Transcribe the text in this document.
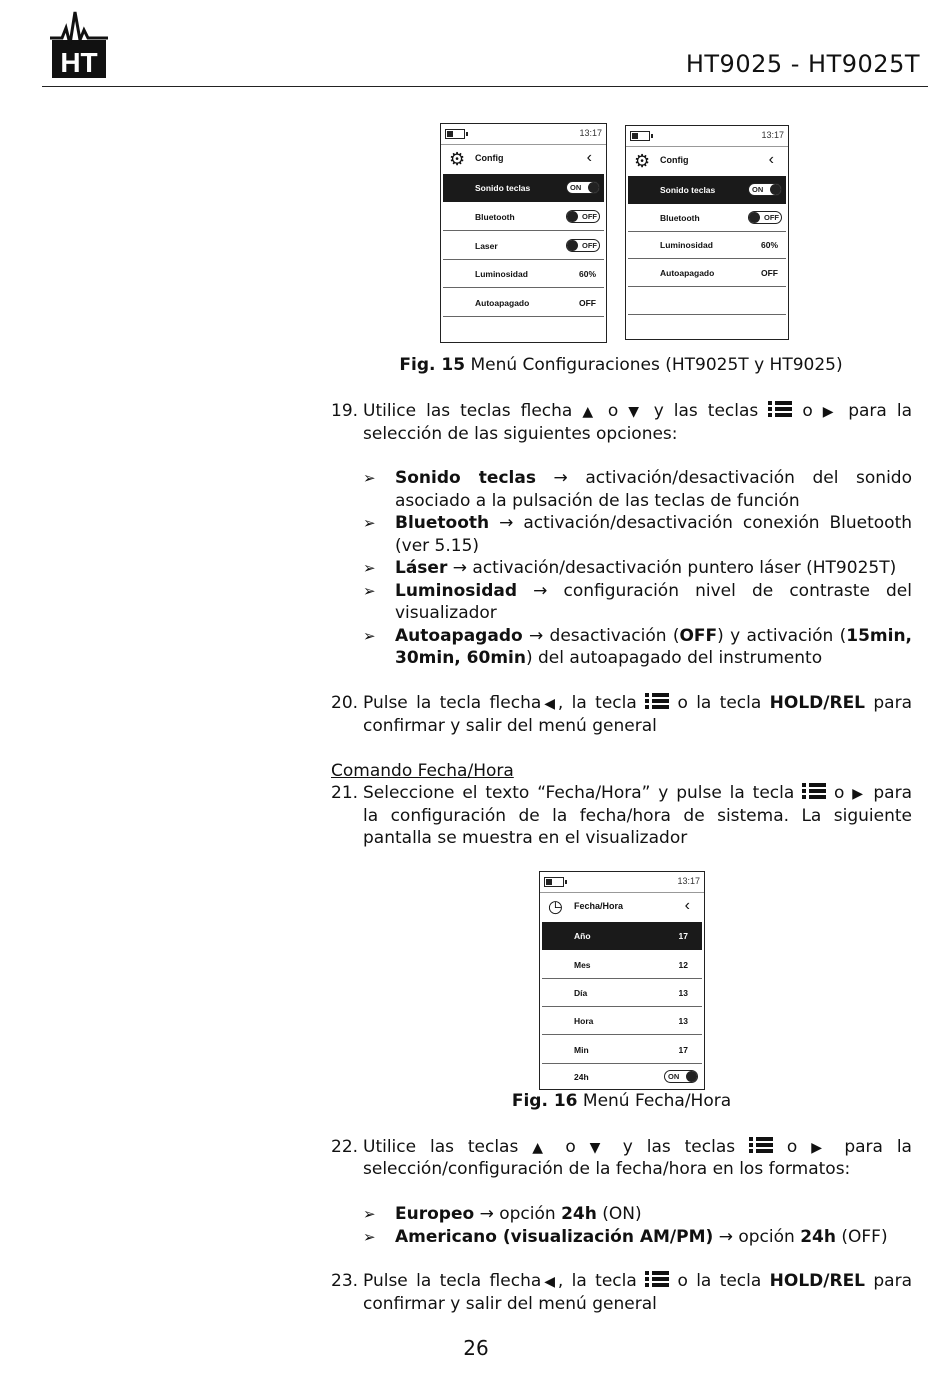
HT	HT9025 - HT9025T
13:17
⚙ Config	‹
Sonido teclas	ON
Bluetooth	OFF
Laser	OFF
Luminosidad	60%
Autoapagado	OFF
13:17
⚙ Config	‹
Sonido teclas	ON
Bluetooth	OFF
Luminosidad	60%
Autoapagado	OFF
Fig. 15 Menú Configuraciones (HT9025T y HT9025)
19. Utilice las teclas flecha ▲ o ▼ y las teclas	o ▶ para la
selección de las siguientes opciones:
➢ Sonido teclas → activación/desactivación del sonido
asociado a la pulsación de las teclas de función
➢ Bluetooth → activación/desactivación conexión Bluetooth
(ver 5.15)
➢ Láser → activación/desactivación puntero láser (HT9025T)
➢ Luminosidad → configuración nivel de contraste del
visualizador
➢ Autoapagado → desactivación (OFF) y activación (15min,
30min, 60min) del autoapagado del instrumento
20. Pulse la tecla flecha◀, la tecla o la tecla HOLD/REL para
confirmar y salir del menú general
Comando Fecha/Hora
21. Seleccione el texto “Fecha/Hora” y pulse la tecla o ▶ para
la configuración de la fecha/hora de sistema. La siguiente
pantalla se muestra en el visualizador
13:17
◷ Fecha/Hora	‹
Año	17
Mes	12
Día	13
Hora	13
Min	17
24h	ON
Fig. 16 Menú Fecha/Hora
22. Utilice las teclas ▲ o ▼ y las teclas	o ▶ para la
selección/configuración de la fecha/hora en los formatos:
➢ Europeo → opción 24h (ON)
➢ Americano (visualización AM/PM) → opción 24h (OFF)
23. Pulse la tecla flecha◀, la tecla o la tecla HOLD/REL para
confirmar y salir del menú general
26
